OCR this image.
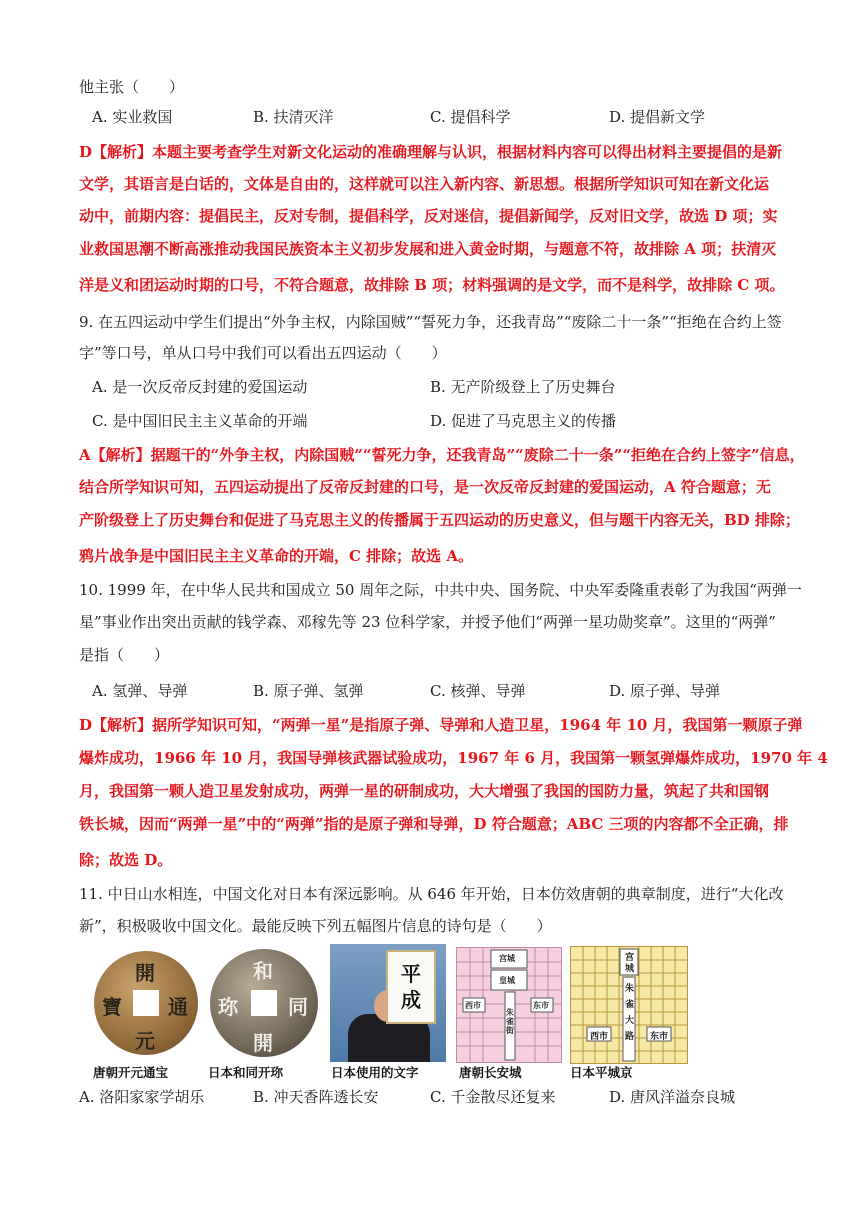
他主张（　　）
A. 实业救国	B. 扶清灭洋	C. 提倡科学	D. 提倡新文学
D【解析】本题主要考查学生对新文化运动的准确理解与认识，根据材料内容可以得出材料主要提倡的是新
文学，其语言是白话的，文体是自由的，这样就可以注入新内容、新思想。根据所学知识可知在新文化运
动中，前期内容：提倡民主，反对专制，提倡科学，反对迷信，提倡新闻学，反对旧文学，故选 D 项；实
业救国思潮不断高涨推动我国民族资本主义初步发展和进入黄金时期，与题意不符，故排除 A 项；扶清灭
洋是义和团运动时期的口号，不符合题意，故排除 B 项；材料强调的是文学，而不是科学，故排除 C 项。
9. 在五四运动中学生们提出“外争主权，内除国贼”“誓死力争，还我青岛”“废除二十一条”“拒绝在合约上签
字”等口号，单从口号中我们可以看出五四运动（　　）
A. 是一次反帝反封建的爱国运动	B. 无产阶级登上了历史舞台
C. 是中国旧民主主义革命的开端	D. 促进了马克思主义的传播
A【解析】据题干的“外争主权，内除国贼”“誓死力争，还我青岛”“废除二十一条”“拒绝在合约上签字”信息，
结合所学知识可知，五四运动提出了反帝反封建的口号，是一次反帝反封建的爱国运动，A 符合题意；无
产阶级登上了历史舞台和促进了马克思主义的传播属于五四运动的历史意义，但与题干内容无关，BD 排除；
鸦片战争是中国旧民主主义革命的开端，C 排除；故选 A。
10. 1999 年，在中华人民共和国成立 50 周年之际，中共中央、国务院、中央军委隆重表彰了为我国“两弹一
星”事业作出突出贡献的钱学森、邓稼先等 23 位科学家，并授予他们“两弹一星功勋奖章”。这里的“两弹”
是指（　　）
A. 氢弹、导弹	B. 原子弹、氢弹	C. 核弹、导弹	D. 原子弹、导弹
D【解析】据所学知识可知，“两弹一星”是指原子弹、导弹和人造卫星，1964 年 10 月，我国第一颗原子弹
爆炸成功，1966 年 10 月，我国导弹核武器试验成功，1967 年 6 月，我国第一颗氢弹爆炸成功，1970 年 4
月，我国第一颗人造卫星发射成功，两弹一星的研制成功，大大增强了我国的国防力量，筑起了共和国钢
铁长城，因而“两弹一星”中的“两弹”指的是原子弹和导弹，D 符合题意；ABC 三项的内容都不全正确，排
除；故选 D。
11. 中日山水相连，中国文化对日本有深远影响。从 646 年开始，日本仿效唐朝的典章制度，进行“大化改
新”，积极吸收中国文化。最能反映下列五幅图片信息的诗句是（　　）
開
通
元
寶
和
同
開
珎
平
成
宫城
皇城
西市	东市
朱雀街
宫
城
朱
雀
大
路
西市	东市
唐朝开元通宝	日本和同开珎	日本使用的文字	唐朝长安城	日本平城京
A. 洛阳家家学胡乐	B. 冲天香阵透长安	C. 千金散尽还复来	D. 唐风洋溢奈良城
